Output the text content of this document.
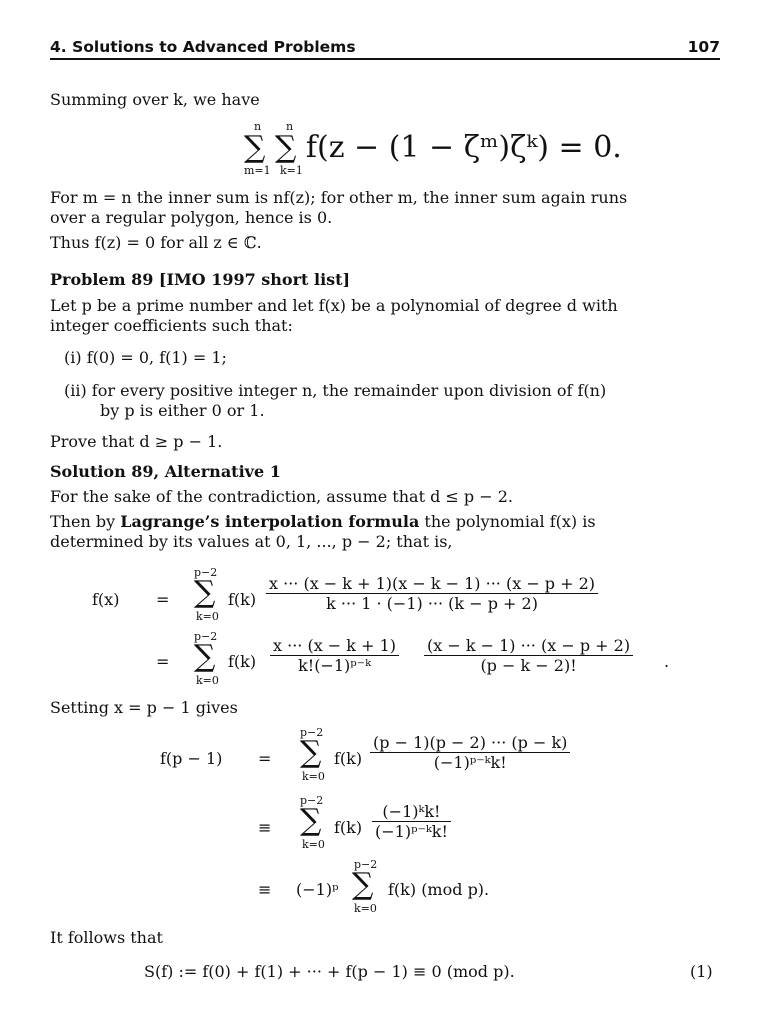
4. Solutions to Advanced Problems	107
Summing over k, we have
n n
m=1 k=1
∑ ∑ f(z − (1 − ζᵐ)ζᵏ) = 0.
For m = n the inner sum is nf(z); for other m, the inner sum again runs
over a regular polygon, hence is 0.
Thus f(z) = 0 for all z ∈ ℂ.
Problem 89 [IMO 1997 short list]
Let p be a prime number and let f(x) be a polynomial of degree d with
integer coefficients such that:
(i) f(0) = 0, f(1) = 1;
(ii) for every positive integer n, the remainder upon division of f(n)
by p is either 0 or 1.
Prove that d ≥ p − 1.
Solution 89, Alternative 1
For the sake of the contradiction, assume that d ≤ p − 2.
Then by Lagrange’s interpolation formula the polynomial f(x) is
determined by its values at 0, 1, ..., p − 2; that is,
f(x) =
p−2
∑
k=0
$f(k) \frac{x \cdot\cdot\cdot (x - k + 1)(x - k - 1) \cdot\cdot\cdot (x - p + 2)}{k \cdot\cdot\cdot 1 \cdot (-1) \cdot\cdot\cdot (k - p + 2)}$
=
p−2
∑
k=0
$f(k) \frac{x \cdot\cdot\cdot (x - k + 1)}{\text{k!(−1)ᵖ⁻ᵏ}} \frac{(x - k - 1) \cdot\cdot\cdot (x - p + 2)}{(p - k - 2)!}$ .
Setting x = p − 1 gives
f(p − 1) =
p−2
∑
k=0
$f(k) \frac{(p - 1)(p - 2) \cdot\cdot\cdot (p - k)}{\text{(−1)ᵖ⁻ᵏk!}}$
≡
p−2
∑
k=0
$f(k) \frac{\text{(−1)ᵏk!}}{\text{(−1)ᵖ⁻ᵏk!}}$
≡ (−1)ᵖ
p−2
∑
k=0
f(k) (mod p).
It follows that
S(f) := f(0) + f(1) + ··· + f(p − 1) ≡ 0 (mod p).	(1)
